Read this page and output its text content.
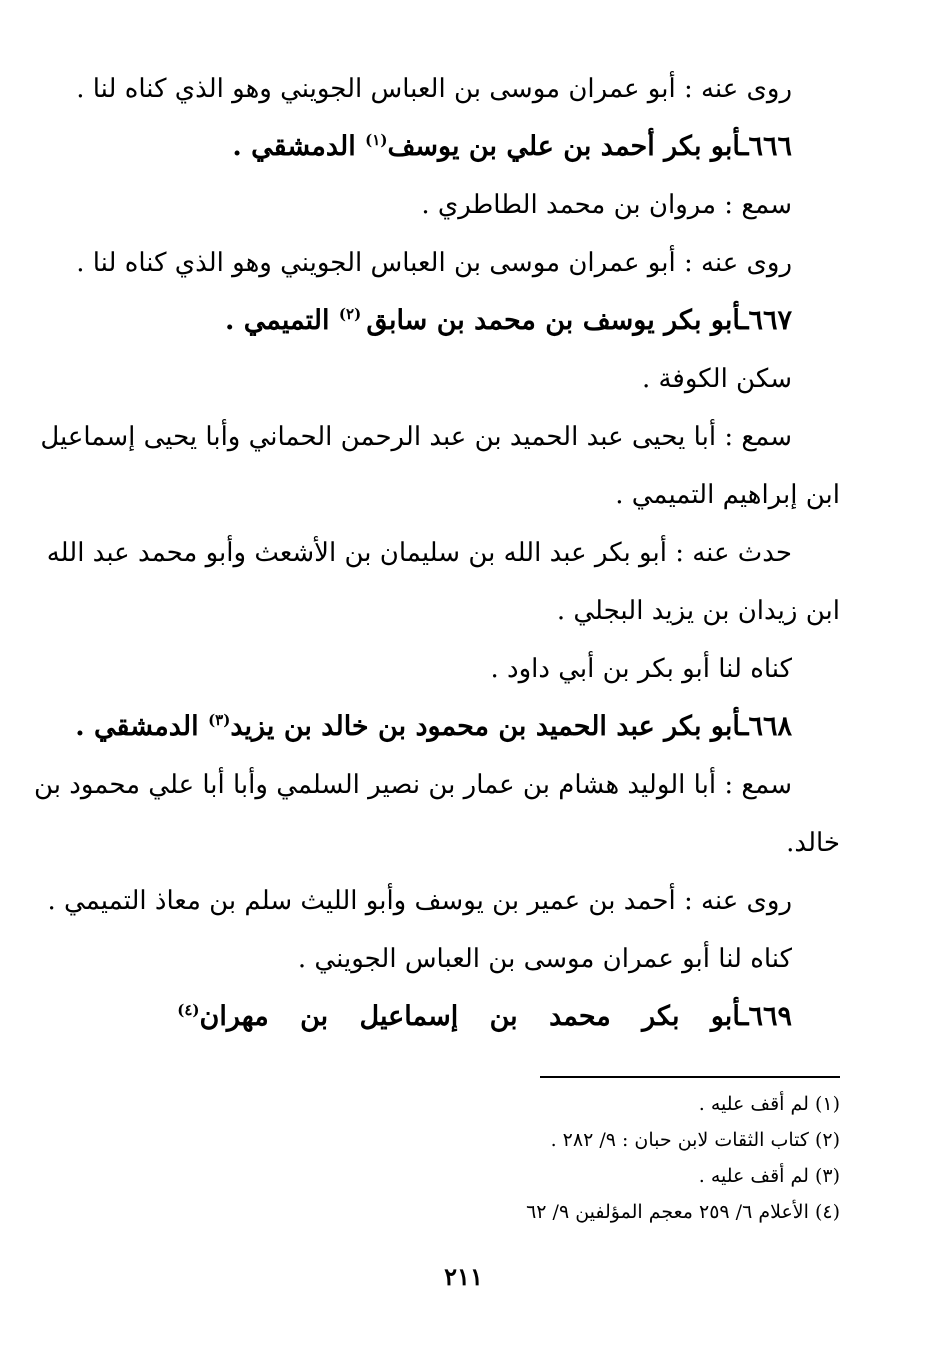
روى عنه : أبو عمران موسى بن العباس الجويني وهو الذي كناه لنا .
٦٦٦ـأبو بكر أحمد بن علي بن يوسف$^{(١)}$ الدمشقي .
سمع : مروان بن محمد الطاطري .
روى عنه : أبو عمران موسى بن العباس الجويني وهو الذي كناه لنا .
٦٦٧ـأبو بكر يوسف بن محمد بن سابق $^{(٢)}$ التميمي .
سكن الكوفة .
سمع : أبا يحيى عبد الحميد بن عبد الرحمن الحماني وأبا يحيى إسماعيل
ابن إبراهيم التميمي .
حدث عنه : أبو بكر عبد الله بن سليمان بن الأشعث وأبو محمد عبد الله
ابن زيدان بن يزيد البجلي .
كناه لنا أبو بكر بن أبي داود .
٦٦٨ـأبو بكر عبد الحميد بن محمود بن خالد بن يزيد$^{(٣)}$ الدمشقي .
سمع : أبا الوليد هشام بن عمار بن نصير السلمي وأبا أبا علي محمود بن
خالد.
روى عنه : أحمد بن عمير بن يوسف وأبو الليث سلم بن معاذ التميمي .
كناه لنا أبو عمران موسى بن العباس الجويني .
٦٦٩ـأبو بكر محمد بن إسماعيل بن مهران$^{(٤)}$
(١) لم أقف عليه .
(٢) كتاب الثقات لابن حبان : ٩/ ٢٨٢ .
(٣) لم أقف عليه .
(٤) الأعلام ٦/ ٢٥٩ معجم المؤلفين ٩/ ٦٢
٢١١
